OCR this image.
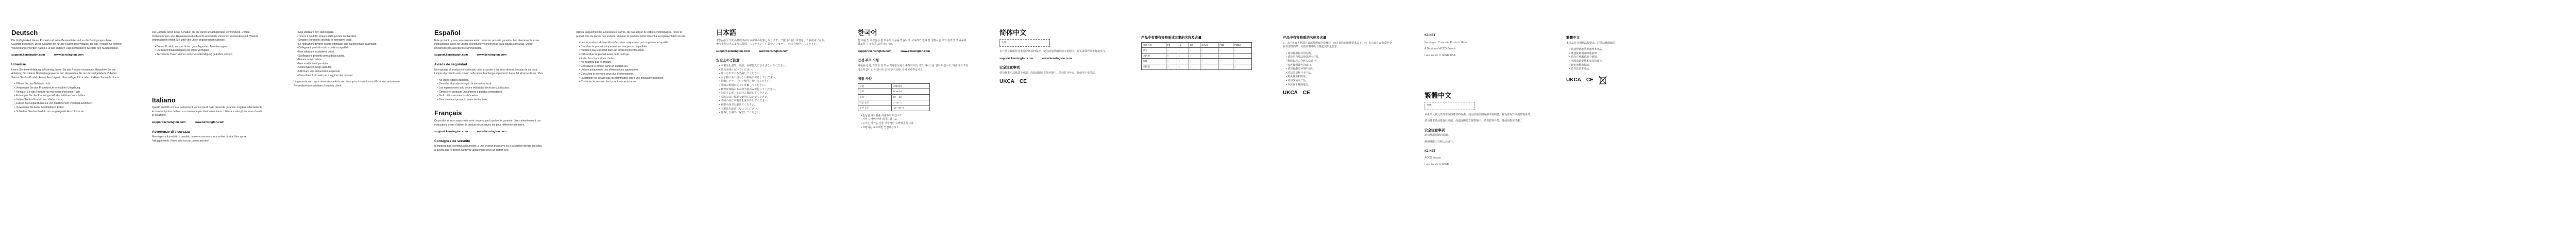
Deutsch

Die Verfügbarkeit dieses Produkt und seine Bestandteile sind an die Bedingungen dieser Garantie gebunden. Diese Garantie gilt für alle Käufer des Produkts, die das Produkt zur eigenen Verwendung erworben haben. Für alle anderen Fälle kontaktieren Sie bitte den Kundendienst.

support.kensington.com	www.kensington.com
Hinweise

Lesen Sie diese Anleitung vollständig, bevor Sie das Produkt verwenden. Bewahren Sie die Anleitung für spätere Nachschlagezwecke auf. Verwenden Sie nur das mitgelieferte Zubehör. Setzen Sie das Produkt keiner Feuchtigkeit, übermäßiger Hitze oder direktem Sonnenlicht aus.

• Öffnen Sie das Gehäuse nicht.
• Verwenden Sie das Produkt nicht in feuchter Umgebung.
• Reinigen Sie das Produkt nur mit einem trockenen Tuch.
• Entsorgen Sie das Produkt gemäß den örtlichen Vorschriften.
• Halten Sie das Produkt von Kindern fern.
• Lassen Sie Reparaturen nur von qualifiziertem Personal ausführen.
• Verwenden Sie keine beschädigten Kabel.
• Schließen Sie das Produkt nur an geeignete Anschlüsse an.

Die Garantie deckt keine Schäden ab, die durch unsachgemäße Verwendung, Unfälle, Veränderungen oder Reparaturen durch nicht autorisierte Personen entstanden sind. Weitere Informationen finden Sie unter der unten angegebenen Adresse.

• Dieses Produkt entspricht den grundlegenden Anforderungen.
• Die Konformitätserklärung ist online verfügbar.
• Technische Daten können ohne Vorankündigung geändert werden.
Italiano

Questo prodotto e i suoi componenti sono coperti dalla presente garanzia. Leggere attentamente le istruzioni prima dell'uso e conservarle per riferimento futuro. Utilizzare solo gli accessori forniti in dotazione.

support.kensington.com	www.kensington.com
Avvertenze di sicurezza

Non esporre il prodotto a umidità, calore eccessivo o luce solare diretta. Non aprire l'alloggiamento. Pulire solo con un panno asciutto.

• Non utilizzare cavi danneggiati.
• Tenere il prodotto lontano dalla portata dei bambini.
• Smaltire il prodotto secondo le normative locali.
• Le riparazioni devono essere effettuate solo da personale qualificato.
• Collegare il prodotto solo a porte compatibili.
• Non utilizzare in ambienti umidi.
• Scollegare il prodotto prima della pulizia.
• Evitare urti e cadute.
• Non modificare il prodotto.
• Conservare in luogo asciutto.
• Utilizzare solo alimentatori approvati.
• Consultare il sito web per maggiori informazioni.

La garanzia non copre danni derivanti da uso improprio, incidenti o modifiche non autorizzate. Per assistenza contattare il servizio clienti.

Español

Este producto y sus componentes están cubiertos por esta garantía. Lea atentamente estas instrucciones antes de utilizar el producto y consérvelas para futuras consultas. Utilice únicamente los accesorios suministrados.

support.kensington.com	www.kensington.com
Avisos de seguridad

No exponga el producto a humedad, calor excesivo o luz solar directa. No abra la carcasa. Limpie el producto solo con un paño seco. Mantenga el producto fuera del alcance de los niños.

• No utilice cables dañados.
• Deseche el producto según la normativa local.
• Las reparaciones solo deben realizarlas técnicos cualificados.
• Conecte el producto únicamente a puertos compatibles.
• No lo utilice en entornos húmedos.
• Desconecte el producto antes de limpiarlo.
Français

Ce produit et ses composants sont couverts par la présente garantie. Lisez attentivement ces instructions avant d'utiliser le produit et conservez-les pour référence ultérieure.

support.kensington.com	www.kensington.com
Consignes de sécurité

N'exposez pas le produit à l'humidité, à une chaleur excessive ou à la lumière directe du soleil. N'ouvrez pas le boîtier. Nettoyez uniquement avec un chiffon sec.

Utilisez uniquement les accessoires fournis. Ne pas utiliser de câbles endommagés. Tenez le produit hors de portée des enfants. Éliminez le produit conformément à la réglementation locale.

• Les réparations doivent être effectuées uniquement par un personnel qualifié.
• Branchez le produit uniquement sur des ports compatibles.
• N'utilisez pas le produit dans un environnement humide.
• Débranchez le produit avant de le nettoyer.
• Évitez les chocs et les chutes.
• Ne modifiez pas le produit.
• Conservez le produit dans un endroit sec.
• Utilisez uniquement des alimentations approuvées.
• Consultez le site web pour plus d'informations.
• La garantie ne couvre pas les dommages dus à une mauvaise utilisation.
• Contactez le service client pour toute assistance.
日本語

本製品およびその構成部品は本保証の対象となります。ご使用の前に本書をよくお読みになり、後で参照できるように保管してください。付属のアクセサリーのみを使用してください。

support.kensington.com	www.kensington.com
安全上のご注意
• 本製品を湿気、高温、直射日光にさらさないでください。
• 筐体を開けないでください。
• 乾いた布でのみ清掃してください。
• お子様の手の届かない場所に保管してください。
• 損傷したケーブルを使用しないでください。
• 地域の規則に従って廃棄してください。
• 修理は資格のある担当者のみが行ってください。
• 対応するポートにのみ接続してください。
• 湿度の高い環境で使用しないでください。
• 清掃の前に本製品を取り外してください。
• 衝撃や落下を避けてください。
• 本製品を改造しないでください。
• 乾燥した場所に保管してください。
한국어

본 제품 및 구성품은 본 보증의 적용을 받습니다. 사용하기 전에 본 설명서를 주의 깊게 읽고 나중에 참조할 수 있도록 보관하십시오.

support.kensington.com	www.kensington.com
안전 주의 사항

제품을 습기, 과도한 열 또는 직사광선에 노출하지 마십시오. 케이스를 열지 마십시오. 마른 천으로만 청소하십시오. 어린이의 손이 닿지 않는 곳에 보관하십시오.

제품 사양
모델	K33XXX
입력	5V ⎓ 3A
출력	5V ⎓ 3A
작동 온도	0 - 40 °C
보관 온도	-10 - 60 °C
• 손상된 케이블을 사용하지 마십시오.
• 지역 규정에 따라 폐기하십시오.
• 수리는 자격을 갖춘 기술자만 수행해야 합니다.
• 호환되는 포트에만 연결하십시오.
简体中文
认证

本产品及其组件受本保修条款的保护。使用前请仔细阅读本说明书，并妥善保管以备将来参考。

support.kensington.com	www.kensington.com
安全注意事项

请勿将本产品暴露于潮湿、高温或阳光直射环境中。请勿打开外壳。仅使用干布清洁。

UKCA CE
产品中有毒有害物质或元素的名称及含量
部件名称	Pb	Hg	Cd	Cr(VI)	PBB	PBDE
外壳	○	○	○	○	○	○
电路板	×	○	○	○	○	○
线缆	○	○	○	○	○	○
连接器	×	○	○	○	○	○
产品中有害物质的名称及含量

○：表示该有害物质在该部件所有均质材料中的含量均在限量要求以下。×：表示该有害物质至少在该部件的某一均质材料中的含量超出限量要求。

• 请勿使用损坏的电缆。
• 请按照当地法规处理本产品。
• 维修仅应由合格人员进行。
• 仅连接到兼容的端口。
• 请勿在潮湿环境中使用。
• 清洁前请断开本产品。
• 避免撞击和跌落。
• 请勿改装本产品。
• 存放在干燥的地方。
UKCA CE
K3 NET

Kensington Computer Products Group

A Division of ACCO Brands

Lake Zurich, IL 60047 USA

繁體中文
型號

本產品及其元件受本保固條款的保護。使用前請仔細閱讀本說明書，並妥善保管以備日後參考。

請勿將本產品暴露於潮濕、高溫或陽光直射環境中。請勿打開外殼。僅使用乾布清潔。

安全注意事項

請勿使用損壞的電纜。

修理僅應由合格人員進行。

K3 NET

ACCO Brands

Lake Zurich, IL 60047

繁體中文

本產品符合相關法規要求。詳情請參閱網站。

• 請按照當地法規處理本產品。
• 僅連接到相容的連接埠。
• 請勿在潮濕環境中使用。
• 清潔前請中斷本產品的連接。
• 避免撞擊和掉落。
• 請勿改裝本產品。
UKCA CE
